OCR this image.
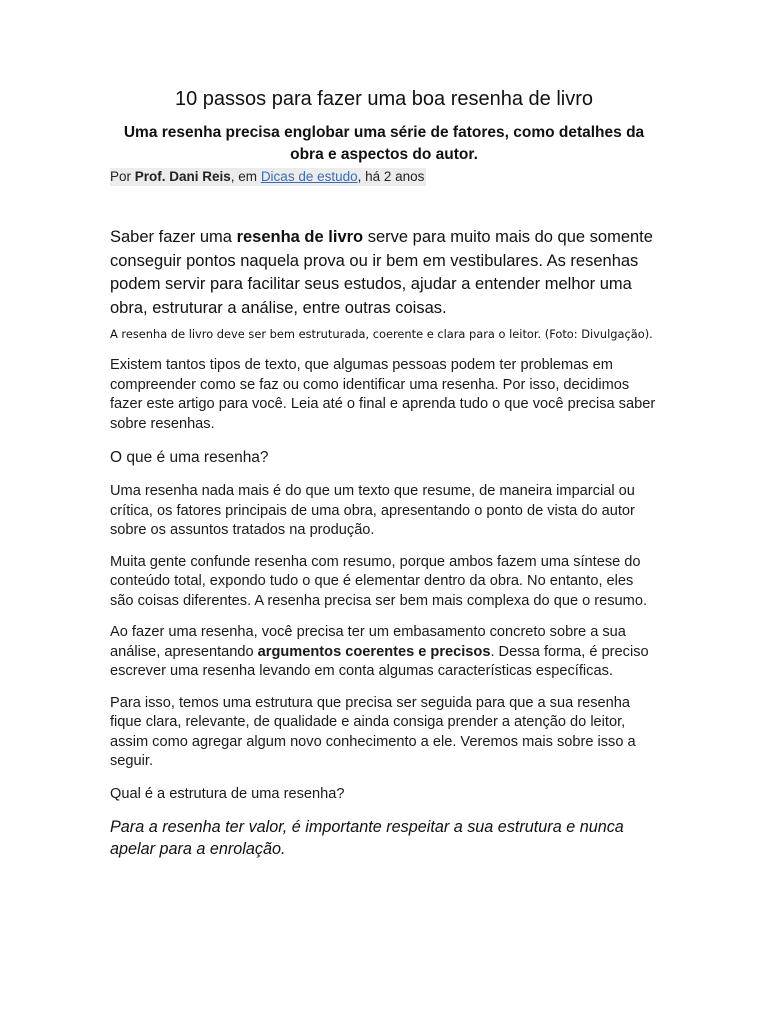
10 passos para fazer uma boa resenha de livro

Uma resenha precisa englobar uma série de fatores, como detalhes da obra e aspectos do autor.

Por Prof. Dani Reis, em Dicas de estudo, há 2 anos

Saber fazer uma resenha de livro serve para muito mais do que somente conseguir pontos naquela prova ou ir bem em vestibulares. As resenhas podem servir para facilitar seus estudos, ajudar a entender melhor uma obra, estruturar a análise, entre outras coisas.

A resenha de livro deve ser bem estruturada, coerente e clara para o leitor. (Foto: Divulgação).

Existem tantos tipos de texto, que algumas pessoas podem ter problemas em compreender como se faz ou como identificar uma resenha. Por isso, decidimos fazer este artigo para você. Leia até o final e aprenda tudo o que você precisa saber sobre resenhas.

O que é uma resenha?

Uma resenha nada mais é do que um texto que resume, de maneira imparcial ou crítica, os fatores principais de uma obra, apresentando o ponto de vista do autor sobre os assuntos tratados na produção.

Muita gente confunde resenha com resumo, porque ambos fazem uma síntese do conteúdo total, expondo tudo o que é elementar dentro da obra. No entanto, eles são coisas diferentes. A resenha precisa ser bem mais complexa do que o resumo.

Ao fazer uma resenha, você precisa ter um embasamento concreto sobre a sua análise, apresentando argumentos coerentes e precisos. Dessa forma, é preciso escrever uma resenha levando em conta algumas características específicas.

Para isso, temos uma estrutura que precisa ser seguida para que a sua resenha fique clara, relevante, de qualidade e ainda consiga prender a atenção do leitor, assim como agregar algum novo conhecimento a ele. Veremos mais sobre isso a seguir.

Qual é a estrutura de uma resenha?

Para a resenha ter valor, é importante respeitar a sua estrutura e nunca apelar para a enrolação.
